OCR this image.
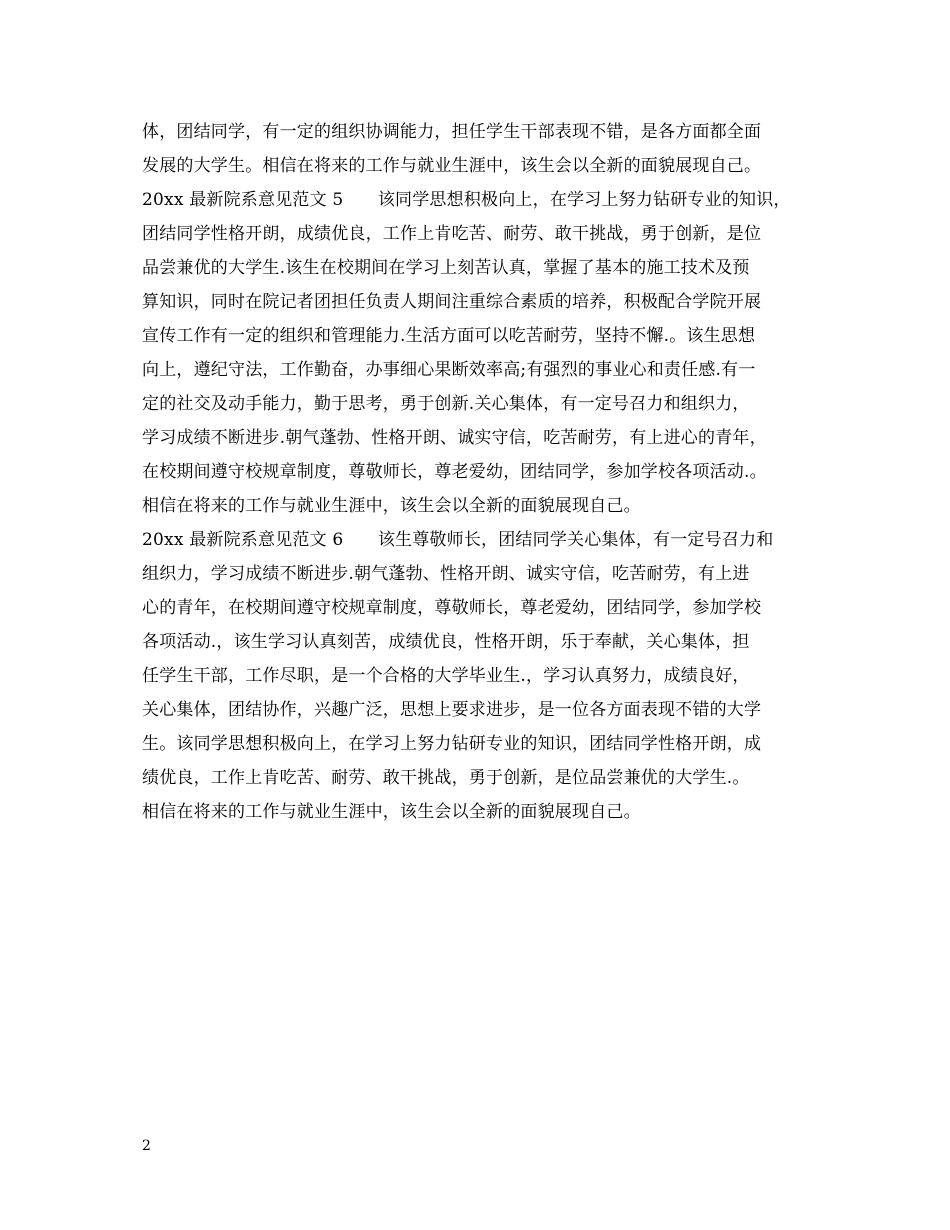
体，团结同学，有一定的组织协调能力，担任学生干部表现不错，是各方面都全面
发展的大学生。相信在将来的工作与就业生涯中，该生会以全新的面貌展现自己。
20xx 最新院系意见范文 5　　该同学思想积极向上，在学习上努力钻研专业的知识，
团结同学性格开朗，成绩优良，工作上肯吃苦、耐劳、敢干挑战，勇于创新，是位
品尝兼优的大学生.该生在校期间在学习上刻苦认真，掌握了基本的施工技术及预
算知识，同时在院记者团担任负责人期间注重综合素质的培养，积极配合学院开展
宣传工作有一定的组织和管理能力.生活方面可以吃苦耐劳，坚持不懈.。该生思想
向上，遵纪守法，工作勤奋，办事细心果断效率高;有强烈的事业心和责任感.有一
定的社交及动手能力，勤于思考，勇于创新.关心集体，有一定号召力和组织力，
学习成绩不断进步.朝气蓬勃、性格开朗、诚实守信，吃苦耐劳，有上进心的青年，
在校期间遵守校规章制度，尊敬师长，尊老爱幼，团结同学，参加学校各项活动.。
相信在将来的工作与就业生涯中，该生会以全新的面貌展现自己。
20xx 最新院系意见范文 6　　该生尊敬师长，团结同学关心集体，有一定号召力和
组织力，学习成绩不断进步.朝气蓬勃、性格开朗、诚实守信，吃苦耐劳，有上进
心的青年，在校期间遵守校规章制度，尊敬师长，尊老爱幼，团结同学，参加学校
各项活动.，该生学习认真刻苦，成绩优良，性格开朗，乐于奉献，关心集体，担
任学生干部，工作尽职，是一个合格的大学毕业生.，学习认真努力，成绩良好，
关心集体，团结协作，兴趣广泛，思想上要求进步，是一位各方面表现不错的大学
生。该同学思想积极向上，在学习上努力钻研专业的知识，团结同学性格开朗，成
绩优良，工作上肯吃苦、耐劳、敢干挑战，勇于创新，是位品尝兼优的大学生.。
相信在将来的工作与就业生涯中，该生会以全新的面貌展现自己。
2
